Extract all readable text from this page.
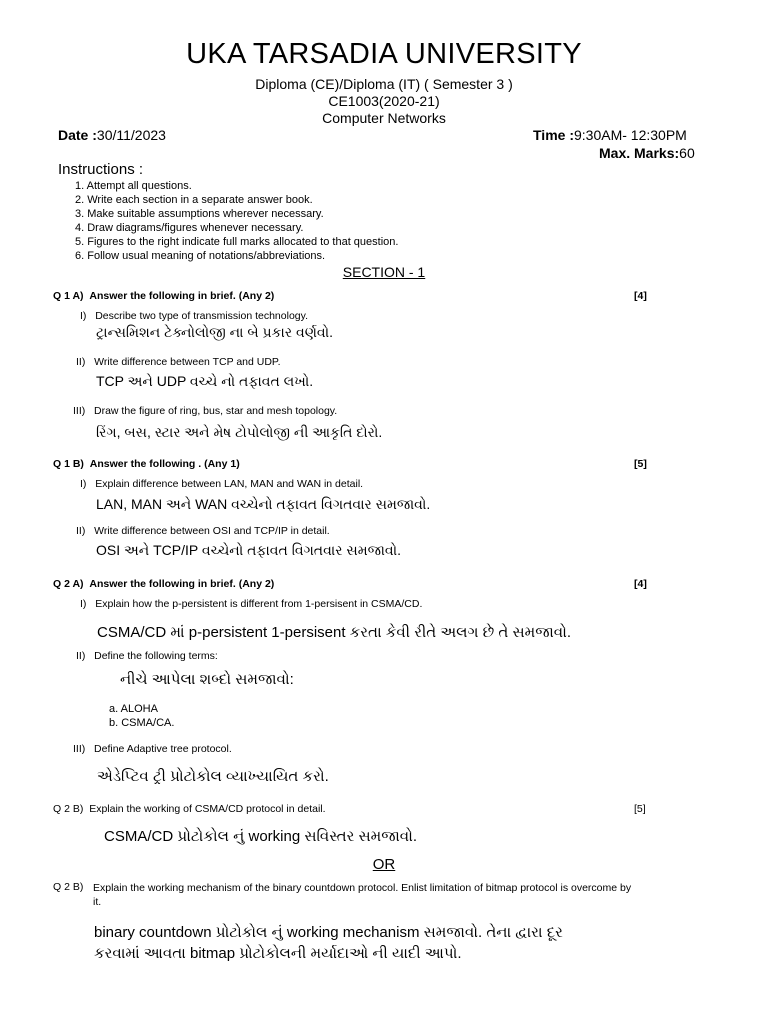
UKA TARSADIA UNIVERSITY
Diploma (CE)/Diploma (IT) ( Semester 3 )
CE1003(2020-21)
Computer Networks
Date :30/11/2023	Time :9:30AM- 12:30PM
Max. Marks:60
Instructions :
1. Attempt all questions.
2. Write each section in a separate answer book.
3. Make suitable assumptions wherever necessary.
4. Draw diagrams/figures whenever necessary.
5. Figures to the right indicate full marks allocated to that question.
6. Follow usual meaning of notations/abbreviations.
SECTION - 1
Q 1 A) Answer the following in brief. (Any 2)	[4]
I) Describe two type of transmission technology.
ટ્રાન્સમિશન ટેક્નોલોજી ના બે પ્રકાર વર્ણવો.
II) Write difference between TCP and UDP.
TCP અને UDP વચ્ચે નો તફાવત લખો.
III) Draw the figure of ring, bus, star and mesh topology.
રિંગ, બસ, સ્ટાર અને મેષ ટોપોલોજી ની આકૃતિ દોરો.
Q 1 B) Answer the following . (Any 1)	[5]
I) Explain difference between LAN, MAN and WAN in detail.
LAN, MAN અને WAN વચ્ચેનો તફાવત વિગતવાર સમજાવો.
II) Write difference between OSI and TCP/IP in detail.
OSI અને TCP/IP વચ્ચેનો તફાવત વિગતવાર સમજાવો.
Q 2 A) Answer the following in brief. (Any 2)	[4]
I) Explain how the p-persistent is different from 1-persisent in CSMA/CD.
CSMA/CD માં p-persistent 1-persisent કરતા કેવી રીતે અલગ છે તે સમજાવો.
II) Define the following terms:
નીચે આપેલા શબ્દો સમજાવો:
a. ALOHA
b. CSMA/CA.
III) Define Adaptive tree protocol.
એડેપ્ટિવ ટ્રી પ્રોટોકોલ વ્યાખ્યાયિત કરો.
Q 2 B) Explain the working of CSMA/CD protocol in detail.	[5]
CSMA/CD પ્રોટોકોલ નું working સવિસ્તર સમજાવો.
OR
Q 2 B) Explain the working mechanism of the binary countdown protocol. Enlist limitation of bitmap protocol is overcome by it.
binary countdown પ્રોટોકોલ નું working mechanism સમજાવો. તેના દ્વારા દૂર
કરવામાં આવતા bitmap પ્રોટોકોલની મર્યાદાઓ ની યાદી આપો.
